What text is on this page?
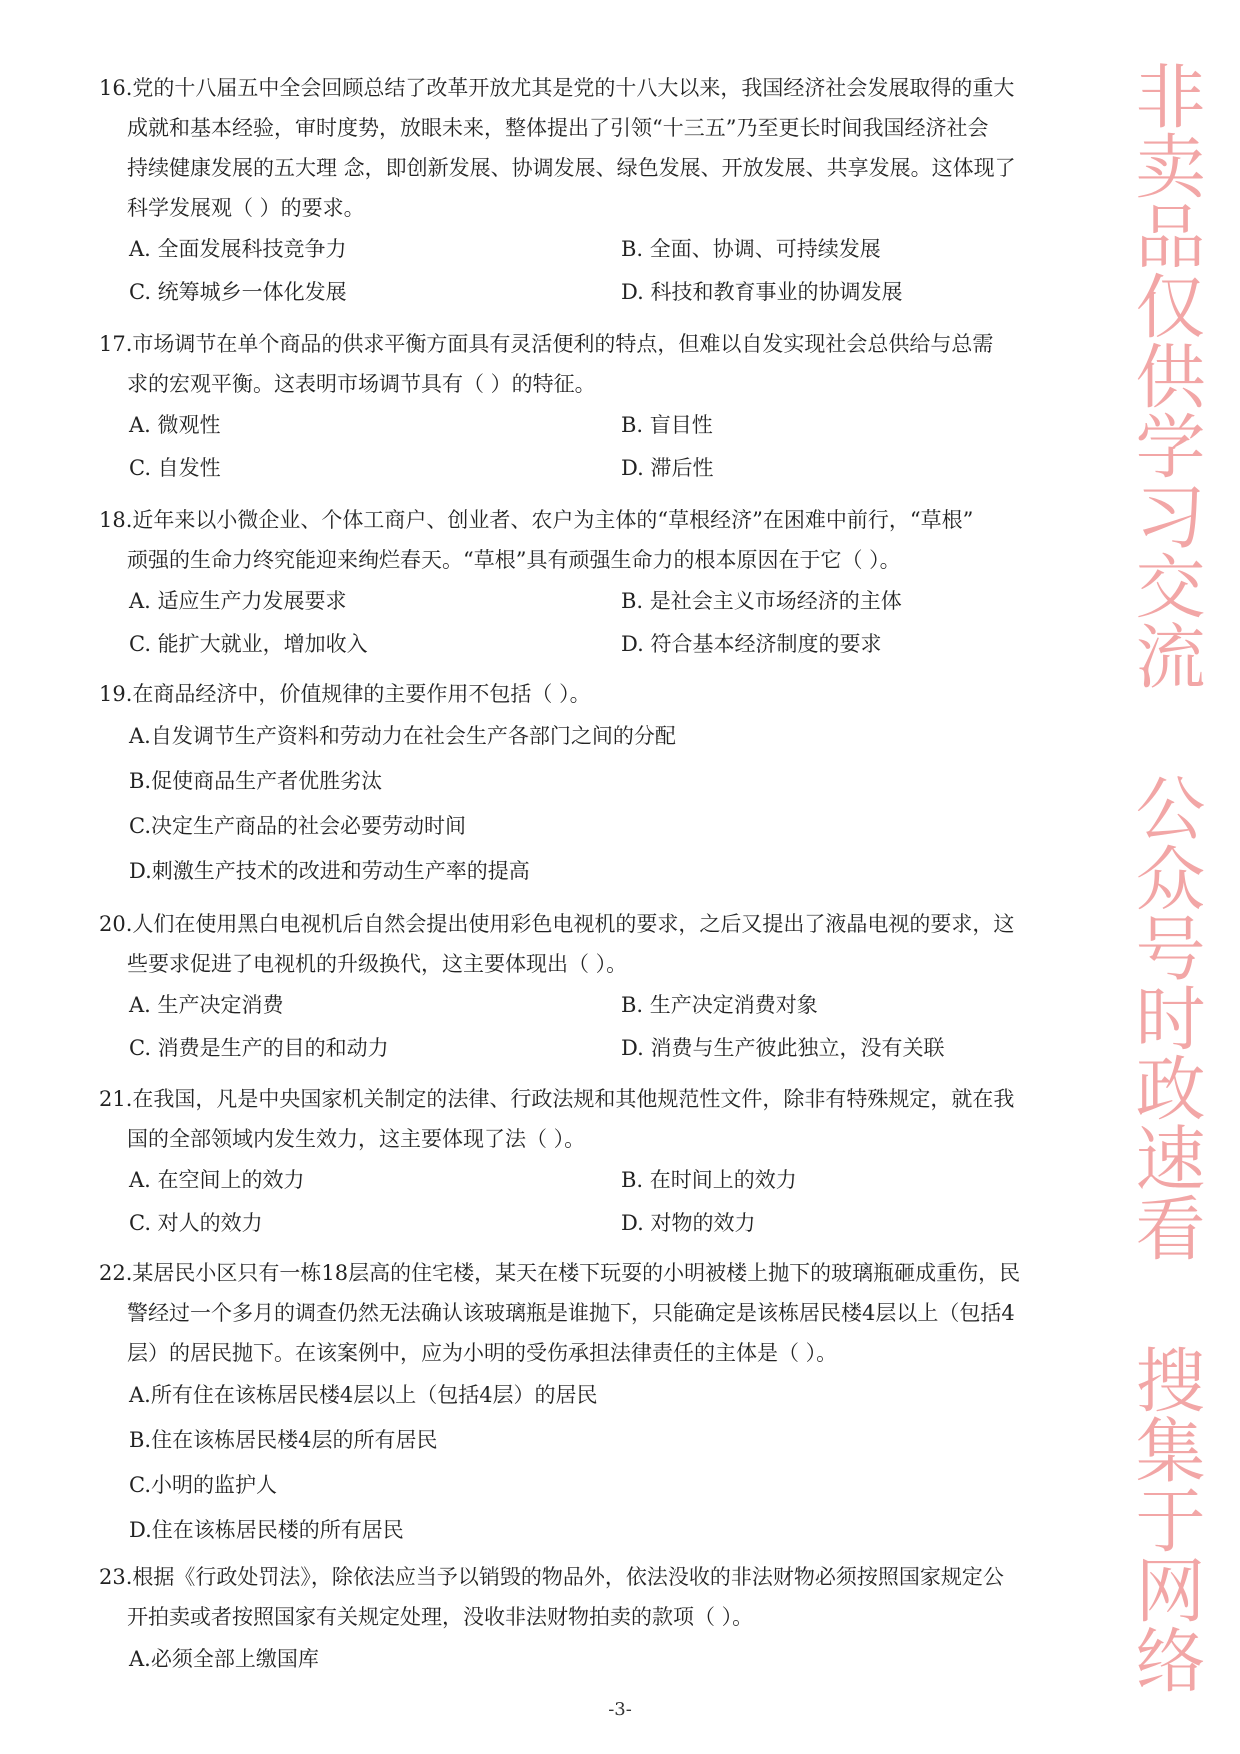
16.党的十八届五中全会回顾总结了改革开放尤其是党的十八大以来，我国经济社会发展取得的重大
成就和基本经验，审时度势，放眼未来，整体提出了引领“十三五”乃至更长时间我国经济社会
持续健康发展的五大理 念，即创新发展、协调发展、绿色发展、开放发展、共享发展。这体现了
科学发展观（ ）的要求。
A. 全面发展科技竞争力	B. 全面、协调、可持续发展
C. 统筹城乡一体化发展	D. 科技和教育事业的协调发展
17.市场调节在单个商品的供求平衡方面具有灵活便利的特点，但难以自发实现社会总供给与总需
求的宏观平衡。这表明市场调节具有（ ）的特征。
A. 微观性	B. 盲目性
C. 自发性	D. 滞后性
18.近年来以小微企业、个体工商户、创业者、农户为主体的“草根经济”在困难中前行，“草根”
顽强的生命力终究能迎来绚烂春天。“草根”具有顽强生命力的根本原因在于它（ ）。
A. 适应生产力发展要求	B. 是社会主义市场经济的主体
C. 能扩大就业，增加收入	D. 符合基本经济制度的要求
19.在商品经济中，价值规律的主要作用不包括（ ）。
A.自发调节生产资料和劳动力在社会生产各部门之间的分配
B.促使商品生产者优胜劣汰
C.决定生产商品的社会必要劳动时间
D.刺激生产技术的改进和劳动生产率的提高
20.人们在使用黑白电视机后自然会提出使用彩色电视机的要求，之后又提出了液晶电视的要求，这
些要求促进了电视机的升级换代，这主要体现出（ ）。
A. 生产决定消费	B. 生产决定消费对象
C. 消费是生产的目的和动力	D. 消费与生产彼此独立，没有关联
21.在我国，凡是中央国家机关制定的法律、行政法规和其他规范性文件，除非有特殊规定，就在我
国的全部领域内发生效力，这主要体现了法（ ）。
A. 在空间上的效力	B. 在时间上的效力
C. 对人的效力	D. 对物的效力
22.某居民小区只有一栋18层高的住宅楼，某天在楼下玩耍的小明被楼上抛下的玻璃瓶砸成重伤，民
警经过一个多月的调查仍然无法确认该玻璃瓶是谁抛下，只能确定是该栋居民楼4层以上（包括4
层）的居民抛下。在该案例中，应为小明的受伤承担法律责任的主体是（ ）。
A.所有住在该栋居民楼4层以上（包括4层）的居民
B.住在该栋居民楼4层的所有居民
C.小明的监护人
D.住在该栋居民楼的所有居民
23.根据《行政处罚法》，除依法应当予以销毁的物品外，依法没收的非法财物必须按照国家规定公
开拍卖或者按照国家有关规定处理，没收非法财物拍卖的款项（ ）。
A.必须全部上缴国库
-3-
非卖品仅供学习交流 公众号时政速看 搜集于网络
